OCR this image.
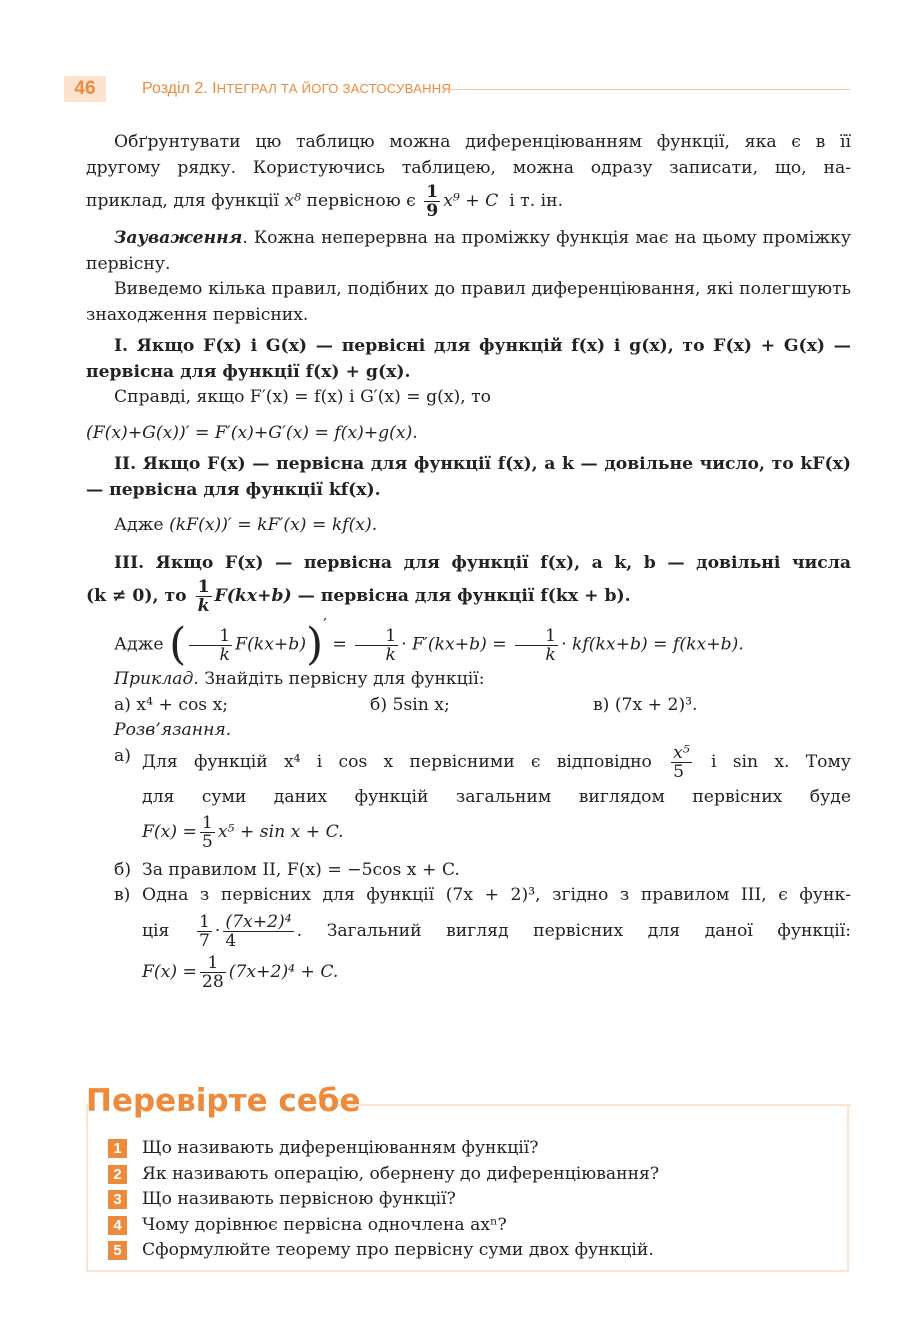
46	Розділ 2. ІНТЕГРАЛ ТА ЙОГО ЗАСТОСУВАННЯ

Обґрунтувати цю таблицю можна диференціюванням функції, яка є в її

другому рядку. Користуючись таблицею, можна одразу записати, що, на-

приклад, для функції x⁸ первісною є $\frac{1}{9} x^9 + C$ і т. ін.

Зауваження. Кожна неперервна на проміжку функція має на цьому проміжку первісну.

Виведемо кілька правил, подібних до правил диференціювання, які полегшують знаходження первісних.

I. Якщо F(x) і G(x) — первісні для функцій f(x) і g(x), то F(x) + G(x) — первісна для функції f(x) + g(x).

Справді, якщо F′(x) = f(x) і G′(x) = g(x), то

(F(x)+G(x))′ = F′(x)+G′(x) = f(x)+g(x).

II. Якщо F(x) — первісна для функції f(x), а k — довільне число, то kF(x) — первісна для функції kf(x).

Адже (kF(x))′ = kF′(x) = kf(x).

III. Якщо F(x) — первісна для функції f(x), а k, b — довільні числа

(k ≠ 0), то $\frac{1}{k} F(kx+b)$ — первісна для функції f(kx + b).

Адже ( $\frac{1}{k} F(kx+b))' = \frac{1}{k} \cdot F'(kx+b) = \frac{1}{k} \cdot kf(kx+b) = f(kx+b)$.

Приклад. Знайдіть первісну для функції:

а) x⁴ + cos x;	б) 5sin x;	в) (7x + 2)³.

Розв’язання.

а) Для функцій x⁴ і cos x первісними є відповідно $\frac{\text{x⁵}}{5}$ і sin x. Тому

для суми даних функцій загальним виглядом первісних буде

$F(x) = \frac{1}{5} x^5 + \sin x + C$.

б) За правилом II, F(x) = −5cos x + C.
в) Одна з первісних для функції (7x + 2)³, згідно з правилом III, є функ-

ція $\frac{1}{7} \cdot \frac{\text{(7x+2)⁴}}{4}$ . Загальний вигляд первісних для даної функції:

$F(x) = \frac{1}{28} (7x+2)^4 + C$.

Перевірте себе
1	Що називають диференціюванням функції?
2	Як називають операцію, обернену до диференціювання?
3	Що називають первісною функції?
4	Чому дорівнює первісна одночлена axⁿ?
5	Сформулюйте теорему про первісну суми двох функцій.
